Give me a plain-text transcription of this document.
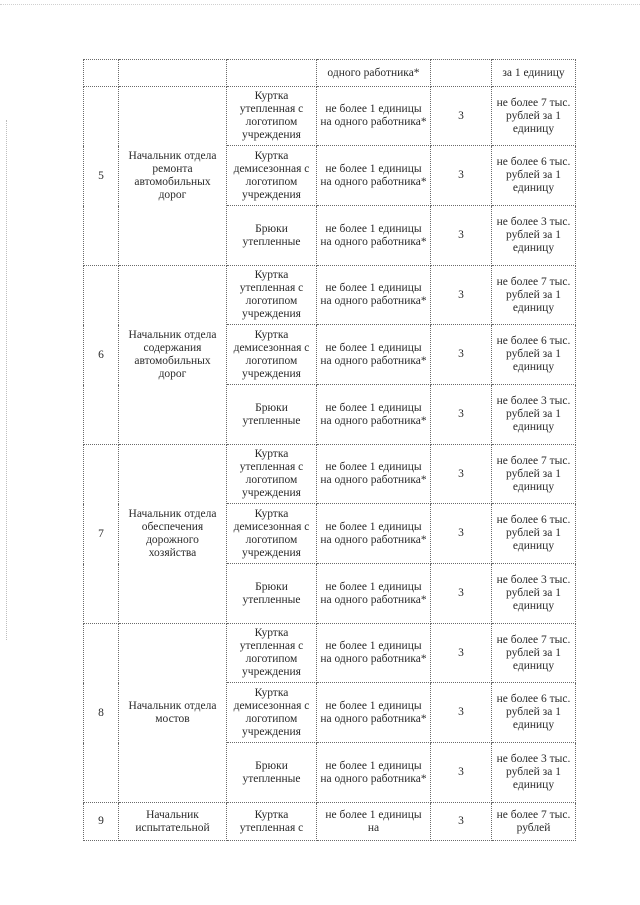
			одного работника*		за 1 единицу
5	Начальник отдела ремонта автомобильных дорог	Куртка утепленная с логотипом учреждения	не более 1 единицы на одного работника*	3	не более 7 тыс. рублей за 1 единицу
		Куртка демисезонная с логотипом учреждения	не более 1 единицы на одного работника*	3	не более 6 тыс. рублей за 1 единицу
		Брюки утепленные	не более 1 единицы на одного работника*	3	не более 3 тыс. рублей за 1 единицу
6	Начальник отдела содержания автомобильных дорог	Куртка утепленная с логотипом учреждения	не более 1 единицы на одного работника*	3	не более 7 тыс. рублей за 1 единицу
		Куртка демисезонная с логотипом учреждения	не более 1 единицы на одного работника*	3	не более 6 тыс. рублей за 1 единицу
		Брюки утепленные	не более 1 единицы на одного работника*	3	не более 3 тыс. рублей за 1 единицу
7	Начальник отдела обеспечения дорожного хозяйства	Куртка утепленная с логотипом учреждения	не более 1 единицы на одного работника*	3	не более 7 тыс. рублей за 1 единицу
		Куртка демисезонная с логотипом учреждения	не более 1 единицы на одного работника*	3	не более 6 тыс. рублей за 1 единицу
		Брюки утепленные	не более 1 единицы на одного работника*	3	не более 3 тыс. рублей за 1 единицу
8	Начальник отдела мостов	Куртка утепленная с логотипом учреждения	не более 1 единицы на одного работника*	3	не более 7 тыс. рублей за 1 единицу
		Куртка демисезонная с логотипом учреждения	не более 1 единицы на одного работника*	3	не более 6 тыс. рублей за 1 единицу
		Брюки утепленные	не более 1 единицы на одного работника*	3	не более 3 тыс. рублей за 1 единицу
9	Начальник испытательной	Куртка утепленная с	не более 1 единицы на	3	не более 7 тыс. рублей
